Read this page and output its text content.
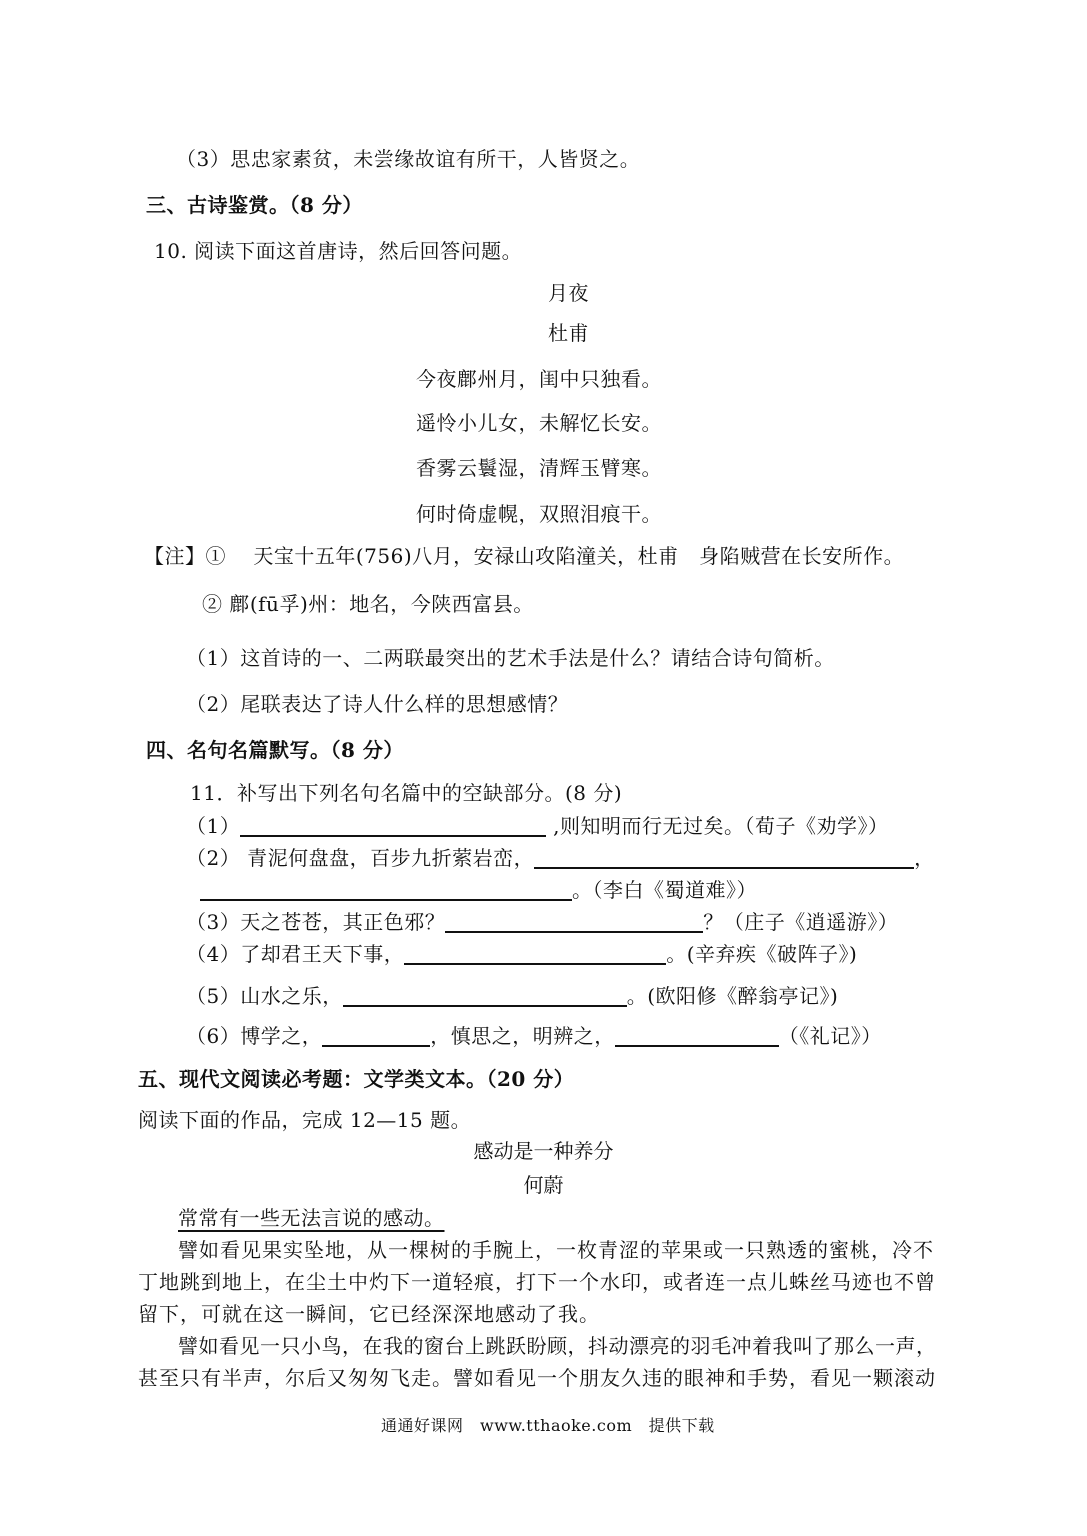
（3）思忠家素贫，未尝缘故谊有所干，人皆贤之。
三、古诗鉴赏。（8 分）
10. 阅读下面这首唐诗，然后回答问题。
月夜
杜甫
今夜鄜州月，闺中只独看。
遥怜小儿女，未解忆长安。
香雾云鬟湿，清辉玉臂寒。
何时倚虚幌，双照泪痕干。
【注】①　 天宝十五年(756)八月，安禄山攻陷潼关，杜甫　身陷贼营在长安所作。
② 鄜(fū孚)州：地名，今陕西富县。
（1）这首诗的一、二两联最突出的艺术手法是什么？请结合诗句简析。
（2）尾联表达了诗人什么样的思想感情？
四、名句名篇默写。（8 分）
11．补写出下列名句名篇中的空缺部分。(8 分)
（1）	,则知明而行无过矣。（荀子《劝学》）
（2） 青泥何盘盘，百步九折萦岩峦，	，
。（李白《蜀道难》）
（3）天之苍苍，其正色邪？	？（庄子《逍遥游》）
（4）了却君王天下事，	。(辛弃疾《破阵子》)
（5）山水之乐，	。(欧阳修《醉翁亭记》)
（6）博学之，	，慎思之，明辨之，	（《礼记》）
五、现代文阅读必考题：文学类文本。（20 分）
阅读下面的作品，完成 12—15 题。
感动是一种养分
何蔚
常常有一些无法言说的感动。
譬如看见果实坠地，从一棵树的手腕上，一枚青涩的苹果或一只熟透的蜜桃，冷不
丁地跳到地上，在尘土中灼下一道轻痕，打下一个水印，或者连一点儿蛛丝马迹也不曾
留下，可就在这一瞬间，它已经深深地感动了我。
譬如看见一只小鸟，在我的窗台上跳跃盼顾，抖动漂亮的羽毛冲着我叫了那么一声，
甚至只有半声，尔后又匆匆飞走。譬如看见一个朋友久违的眼神和手势，看见一颗滚动
通通好课网　www.tthaoke.com　提供下载
